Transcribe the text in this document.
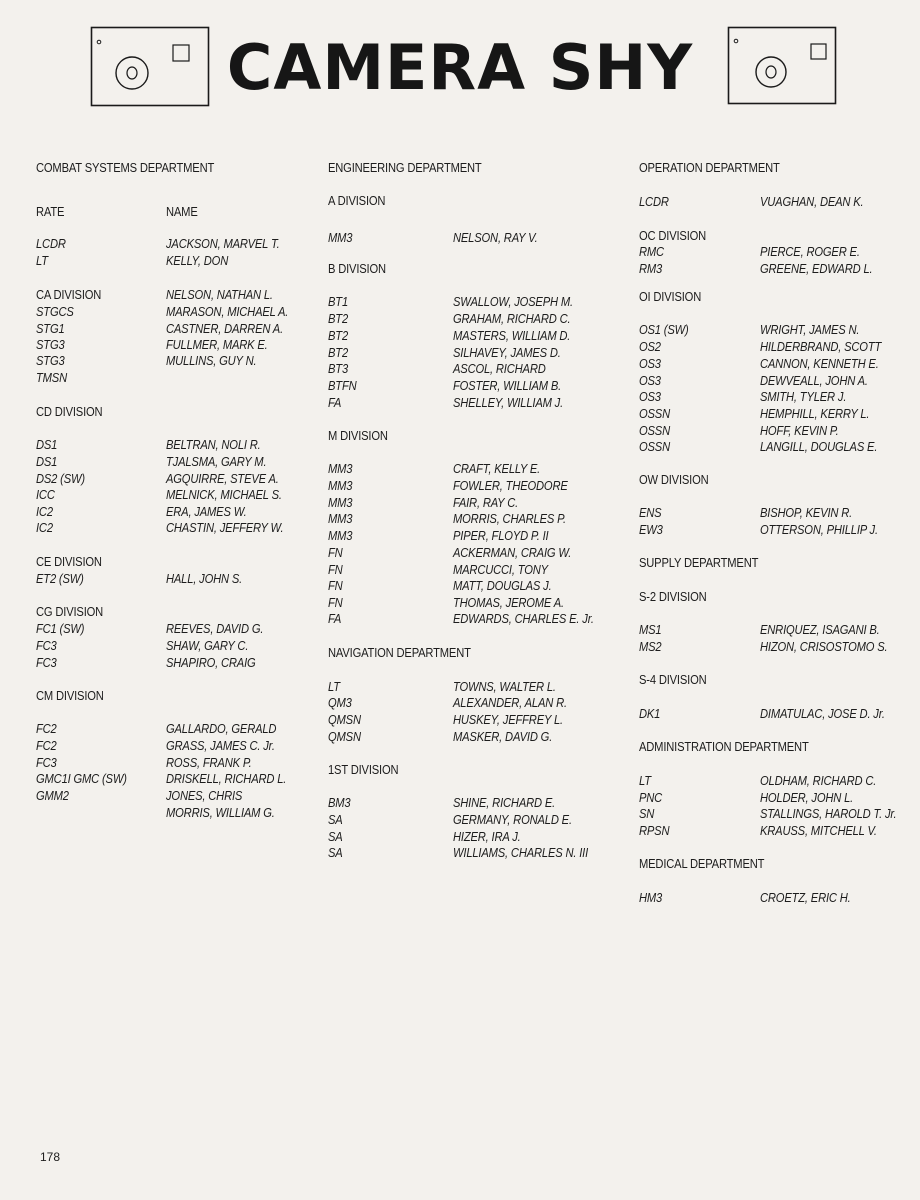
CAMERA SHY
COMBAT SYSTEMS DEPARTMENT
RATE	NAME
LCDR	JACKSON, MARVEL T.
LT	KELLY, DON
CA DIVISION	NELSON, NATHAN L.
STGCS	MARASON, MICHAEL A.
STG1	CASTNER, DARREN A.
STG3	FULLMER, MARK E.
STG3	MULLINS, GUY N.
TMSN
CD DIVISION
DS1	BELTRAN, NOLI R.
DS1	TJALSMA, GARY M.
DS2 (SW)	AGQUIRRE, STEVE A.
ICC	MELNICK, MICHAEL S.
IC2	ERA, JAMES W.
IC2	CHASTIN, JEFFERY W.
CE DIVISION
ET2 (SW)	HALL, JOHN S.
CG DIVISION
FC1 (SW)	REEVES, DAVID G.
FC3	SHAW, GARY C.
FC3	SHAPIRO, CRAIG
CM DIVISION
FC2	GALLARDO, GERALD
FC2	GRASS, JAMES C. Jr.
FC3	ROSS, FRANK P.
GMC1I GMC (SW)	DRISKELL, RICHARD L.
GMM2	JONES, CHRIS
MORRIS, WILLIAM G.
ENGINEERING DEPARTMENT
A DIVISION
MM3	NELSON, RAY V.
B DIVISION
BT1	SWALLOW, JOSEPH M.
BT2	GRAHAM, RICHARD C.
BT2	MASTERS, WILLIAM D.
BT2	SILHAVEY, JAMES D.
BT3	ASCOL, RICHARD
BTFN	FOSTER, WILLIAM B.
FA	SHELLEY, WILLIAM J.
M DIVISION
MM3	CRAFT, KELLY E.
MM3	FOWLER, THEODORE
MM3	FAIR, RAY C.
MM3	MORRIS, CHARLES P.
MM3	PIPER, FLOYD P. II
FN	ACKERMAN, CRAIG W.
FN	MARCUCCI, TONY
FN	MATT, DOUGLAS J.
FN	THOMAS, JEROME A.
FA	EDWARDS, CHARLES E. Jr.
NAVIGATION DEPARTMENT
LT	TOWNS, WALTER L.
QM3	ALEXANDER, ALAN R.
QMSN	HUSKEY, JEFFREY L.
QMSN	MASKER, DAVID G.
1ST DIVISION
BM3	SHINE, RICHARD E.
SA	GERMANY, RONALD E.
SA	HIZER, IRA J.
SA	WILLIAMS, CHARLES N. III
OPERATION DEPARTMENT
LCDR	VUAGHAN, DEAN K.
OC DIVISION
RMC	PIERCE, ROGER E.
RM3	GREENE, EDWARD L.
OI DIVISION
OS1 (SW)	WRIGHT, JAMES N.
OS2	HILDERBRAND, SCOTT
OS3	CANNON, KENNETH E.
OS3	DEWVEALL, JOHN A.
OS3	SMITH, TYLER J.
OSSN	HEMPHILL, KERRY L.
OSSN	HOFF, KEVIN P.
OSSN	LANGILL, DOUGLAS E.
OW DIVISION
ENS	BISHOP, KEVIN R.
EW3	OTTERSON, PHILLIP J.
SUPPLY DEPARTMENT
S-2 DIVISION
MS1	ENRIQUEZ, ISAGANI B.
MS2	HIZON, CRISOSTOMO S.
S-4 DIVISION
DK1	DIMATULAC, JOSE D. Jr.
ADMINISTRATION DEPARTMENT
LT	OLDHAM, RICHARD C.
PNC	HOLDER, JOHN L.
SN	STALLINGS, HAROLD T. Jr.
RPSN	KRAUSS, MITCHELL V.
MEDICAL DEPARTMENT
HM3	CROETZ, ERIC H.
178
